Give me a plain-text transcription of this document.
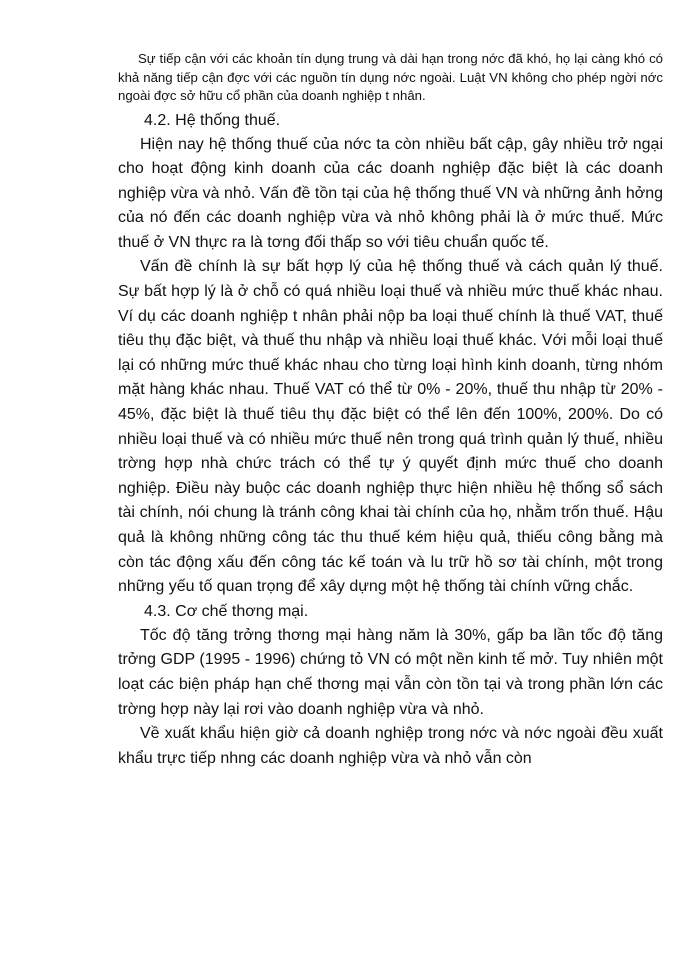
Sự tiếp cận với các khoản tín dụng trung và dài hạn trong nớc đã khó, họ lại càng khó có khả năng tiếp cận đợc với các nguồn tín dụng nớc ngoài. Luật VN không cho phép ngời nớc ngoài đợc sở hữu cổ phần của doanh nghiệp t nhân.

4.2. Hệ thống thuế.

Hiện nay hệ thống thuế của nớc ta còn nhiều bất cập, gây nhiều trở ngại cho hoạt động kinh doanh của các doanh nghiệp đặc biệt là các doanh nghiệp vừa và nhỏ. Vấn đề tồn tại của hệ thống thuế VN và những ảnh hởng của nó đến các doanh nghiệp vừa và nhỏ không phải là ở mức thuế. Mức thuế ở VN thực ra là tơng đối thấp so với tiêu chuẩn quốc tế.

Vấn đề chính là sự bất hợp lý của hệ thống thuế và cách quản lý thuế. Sự bất hợp lý là ở chỗ có quá nhiều loại thuế và nhiều mức thuế khác nhau. Ví dụ các doanh nghiệp t nhân phải nộp ba loại thuế chính là thuế VAT, thuế tiêu thụ đặc biệt, và thuế thu nhập và nhiều loại thuế khác. Với mỗi loại thuế lại có những mức thuế khác nhau cho từng loại hình kinh doanh, từng nhóm mặt hàng khác nhau. Thuế VAT có thể từ 0% - 20%, thuế thu nhập từ 20% - 45%, đặc biệt là thuế tiêu thụ đặc biệt có thể lên đến 100%, 200%. Do có nhiều loại thuế và có nhiều mức thuế nên trong quá trình quản lý thuế, nhiều trờng hợp nhà chức trách có thể tự ý quyết định mức thuế cho doanh nghiệp. Điều này buộc các doanh nghiệp thực hiện nhiều hệ thống sổ sách tài chính, nói chung là tránh công khai tài chính của họ, nhằm trốn thuế. Hậu quả là không những công tác thu thuế kém hiệu quả, thiếu công bằng mà còn tác động xấu đến công tác kế toán và lu trữ hồ sơ tài chính, một trong những yếu tố quan trọng để xây dựng một hệ thống tài chính vững chắc.

4.3. Cơ chế thơng mại.

Tốc độ tăng trởng thơng mại hàng năm là 30%, gấp ba lần tốc độ tăng trởng GDP (1995 - 1996) chứng tỏ VN có một nền kinh tế mở. Tuy nhiên một loạt các biện pháp hạn chế thơng mại vẫn còn tồn tại và trong phần lớn các trờng hợp này lại rơi vào doanh nghiệp vừa và nhỏ.

Về xuất khẩu hiện giờ cả doanh nghiệp trong nớc và nớc ngoài đều xuất khẩu trực tiếp nhng các doanh nghiệp vừa và nhỏ vẫn còn
